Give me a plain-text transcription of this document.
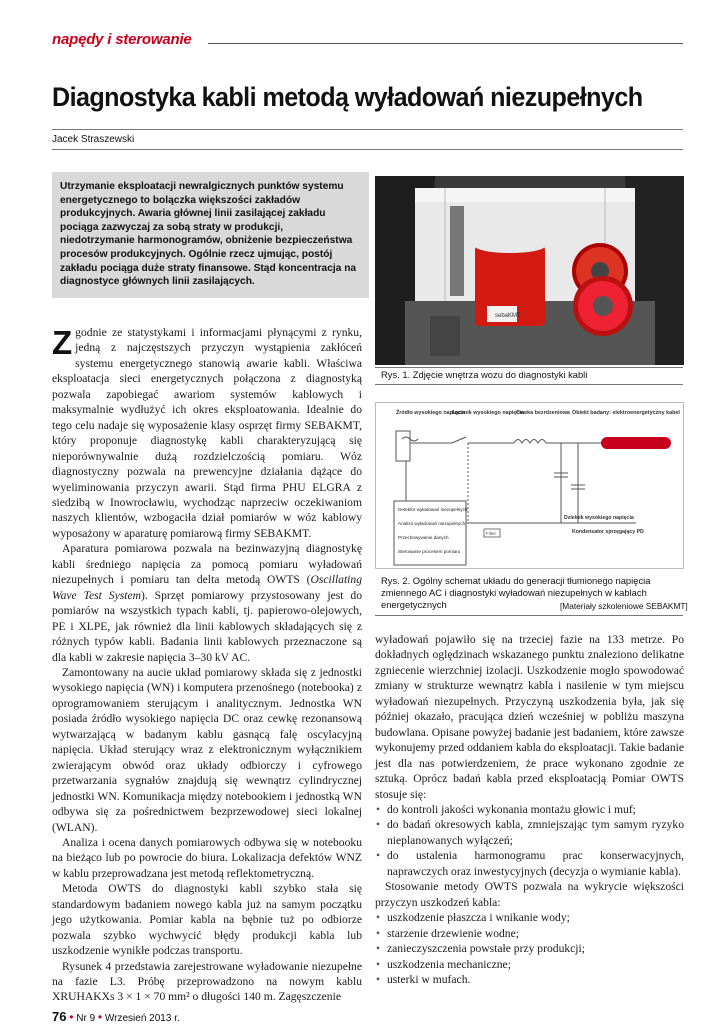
napędy i sterowanie
Diagnostyka kabli metodą wyładowań niezupełnych
Jacek Straszewski
Utrzymanie eksploatacji newralgicznych punktów systemu energetycznego to bolączka większości zakładów produkcyjnych. Awaria głównej linii zasilającej zakładu pociąga zazwyczaj za sobą straty w produkcji, niedotrzymanie harmonogramów, obniżenie bezpieczeństwa procesów produkcyjnych. Ogólnie rzecz ujmując, postój zakładu pociąga duże straty finansowe. Stąd koncentracja na diagnostyce głównych linii zasilających.

Zgodnie ze statystykami i informacjami płynącymi z rynku, jedną z najczęstszych przyczyn wystąpienia zakłóceń systemu energetycznego stanowią awarie kabli. Właściwa eksploatacja sieci energetycznych połączona z diagnostyką pozwala zapobiegać awariom systemów kablowych i maksymalnie wydłużyć ich okres eksploatowania. Idealnie do tego celu nadaje się wyposażenie klasy osprzęt firmy SEBAKMT, który proponuje diagnostykę kabli charakteryzującą się nieporównywalnie dużą rozdzielczością pomiaru. Wóz diagnostyczny pozwala na prewencyjne działania dążące do wyeliminowania przyczyn awarii. Stąd firma PHU ELGRA z siedzibą w Inowrocławiu, wychodząc naprzeciw oczekiwaniom naszych klientów, wzbogaciła dział pomiarów w wóz kablowy wyposażony w aparaturę pomiarową firmy SEBAKMT.

Aparatura pomiarowa pozwala na bezinwazyjną diagnostykę kabli średniego napięcia za pomocą pomiaru wyładowań niezupełnych i pomiaru tan delta metodą OWTS (Oscillating Wave Test System). Sprzęt pomiarowy przystosowany jest do pomiarów na wszystkich typach kabli, tj. papierowo-olejowych, PE i XLPE, jak również dla linii kablowych składających się z różnych typów kabli. Badania linii kablowych przeznaczone są dla kabli w zakresie napięcia 3–30 kV AC.

Zamontowany na aucie układ pomiarowy składa się z jednostki wysokiego napięcia (WN) i komputera przenośnego (notebooka) z oprogramowaniem sterującym i analitycznym. Jednostka WN posiada źródło wysokiego napięcia DC oraz cewkę rezonansową wytwarzającą w badanym kablu gasnącą falę oscylacyjną napięcia. Układ sterujący wraz z elektronicznym wyłącznikiem zwierającym obwód oraz układy odbiorczy i cyfrowego przetwarzania sygnałów znajdują się wewnątrz cylindrycznej jednostki WN. Komunikacja między notebookiem i jednostką WN odbywa się za pośrednictwem bezprzewodowej sieci lokalnej (WLAN).

Analiza i ocena danych pomiarowych odbywa się w notebooku na bieżąco lub po powrocie do biura. Lokalizacja defektów WNZ w kablu przeprowadzana jest metodą reflektometryczną.

Metoda OWTS do diagnostyki kabli szybko stała się standardowym badaniem nowego kabla już na samym początku jego użytkowania. Pomiar kabla na bębnie tuż po odbiorze pozwala szybko wychwycić błędy produkcji kabla lub uszkodzenie wynikłe podczas transportu.

Rysunek 4 przedstawia zarejestrowane wyładowanie niezupełne na fazie L3. Próbę przeprowadzono na nowym kablu XRUHAKXs 3 × 1 × 70 mm² o długości 140 m. Zagęszczenie

sebaKMT
Rys. 1. Zdjęcie wnętrza wozu do diagnostyki kabli
Źródło wysokiego napięcia
Łącznik wysokiego napięcia
Cewka bezrdzeniowa Obiekt badany: elektroenergetyczny kabel
Filter
Detektor wyładowań niezupełnych
Analiza wyładowań niezupełnych
Przechowywanie danych
Sterowanie procesem pomiaru
Dzielnik wysokiego napięcia
Kondensator sprzęgający PD
Rys. 2. Ogólny schemat układu do generacji tłumionego napięcia zmiennego AC i diagnostyki wyładowań niezupełnych w kablach energetycznych	[Materiały szkoleniowe SEBAKMT]

wyładowań pojawiło się na trzeciej fazie na 133 metrze. Po dokładnych oględzinach wskazanego punktu znaleziono delikatne zgniecenie wierzchniej izolacji. Uszkodzenie mogło spowodować zmiany w strukturze wewnątrz kabla i nasilenie w tym miejscu wyładowań niezupełnych. Przyczyną uszkodzenia była, jak się później okazało, pracująca dzień wcześniej w pobliżu maszyna budowlana. Opisane powyżej badanie jest badaniem, które zawsze wykonujemy przed oddaniem kabla do eksploatacji. Takie badanie jest dla nas potwierdzeniem, że prace wykonano zgodnie ze sztuką. Oprócz badań kabla przed eksploatacją Pomiar OWTS stosuje się:

• do kontroli jakości wykonania montażu głowic i muf;
• do badań okresowych kabla, zmniejszając tym samym ryzyko nieplanowanych wyłączeń;
• do ustalenia harmonogramu prac konserwacyjnych, naprawczych oraz inwestycyjnych (decyzja o wymianie kabla).

Stosowanie metody OWTS pozwala na wykrycie większości przyczyn uszkodzeń kabla:

• uszkodzenie płaszcza i wnikanie wody;
• starzenie drzewienie wodne;
• zanieczyszczenia powstałe przy produkcji;
• uszkodzenia mechaniczne;
• usterki w mufach.
76 • Nr 9 • Wrzesień 2013 r.
